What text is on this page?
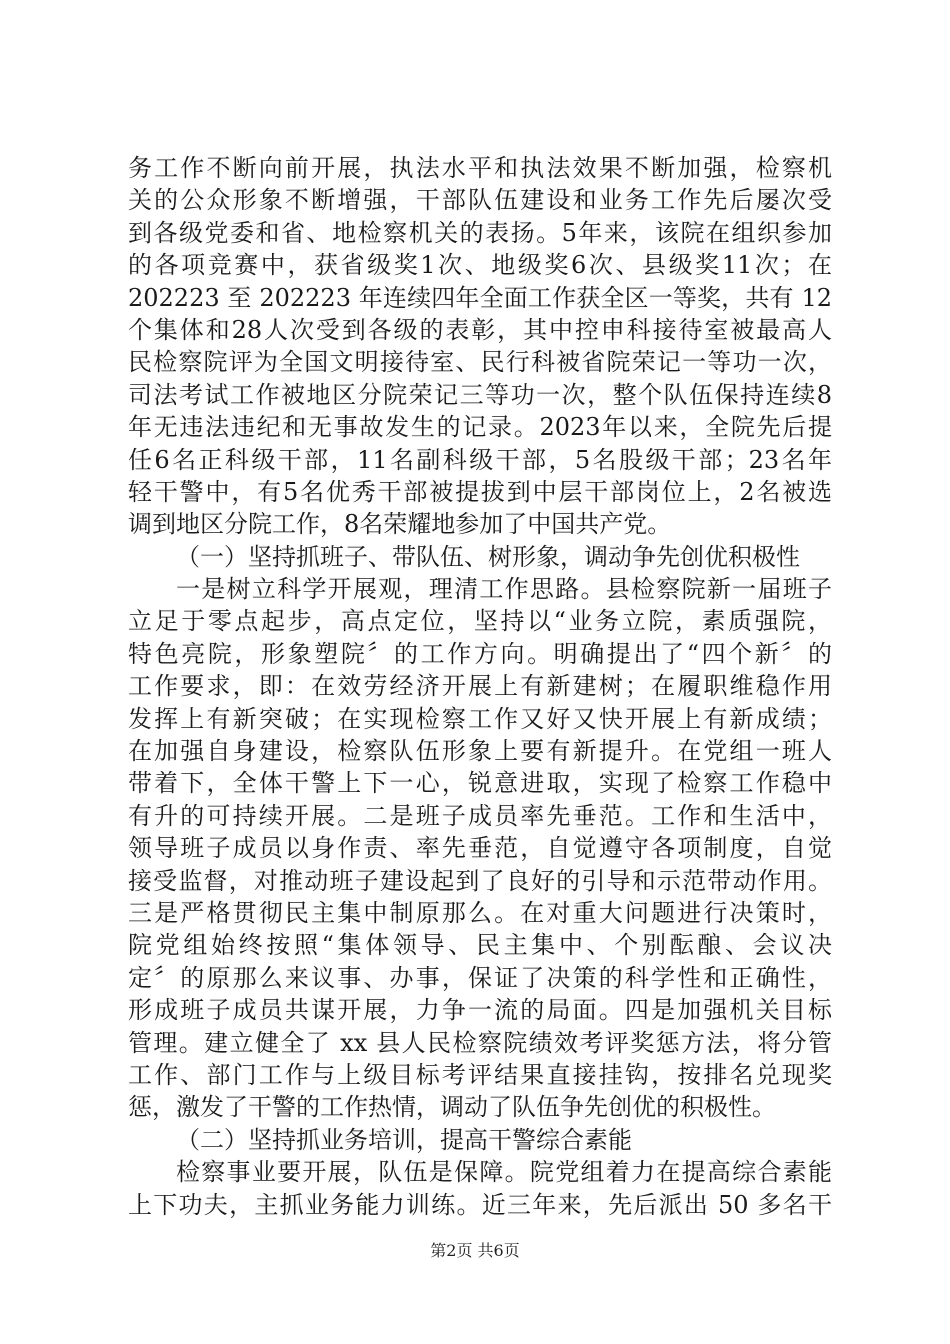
务工作不断向前开展，执法水平和执法效果不断加强，检察机
关的公众形象不断增强，干部队伍建设和业务工作先后屡次受
到各级党委和省、地检察机关的表扬。5年来，该院在组织参加
的各项竞赛中，获省级奖1次、地级奖6次、县级奖11次；在
202223 至 202223 年连续四年全面工作获全区一等奖，共有 12
个集体和28人次受到各级的表彰，其中控申科接待室被最高人
民检察院评为全国文明接待室、民行科被省院荣记一等功一次，
司法考试工作被地区分院荣记三等功一次，整个队伍保持连续8
年无违法违纪和无事故发生的记录。2023年以来，全院先后提
任6名正科级干部，11名副科级干部，5名股级干部；23名年
轻干警中，有5名优秀干部被提拔到中层干部岗位上，2名被选
调到地区分院工作，8名荣耀地参加了中国共产党。
（一）坚持抓班子、带队伍、树形象，调动争先创优积极性
一是树立科学开展观，理清工作思路。县检察院新一届班子
立足于零点起步，高点定位，坚持以“业务立院，素质强院，
特色亮院，形象塑院〞的工作方向。明确提出了“四个新〞的
工作要求，即：在效劳经济开展上有新建树；在履职维稳作用
发挥上有新突破；在实现检察工作又好又快开展上有新成绩；
在加强自身建设，检察队伍形象上要有新提升。在党组一班人
带着下，全体干警上下一心，锐意进取，实现了检察工作稳中
有升的可持续开展。二是班子成员率先垂范。工作和生活中，
领导班子成员以身作责、率先垂范，自觉遵守各项制度，自觉
接受监督，对推动班子建设起到了良好的引导和示范带动作用。
三是严格贯彻民主集中制原那么。在对重大问题进行决策时，
院党组始终按照“集体领导、民主集中、个别酝酿、会议决
定〞的原那么来议事、办事，保证了决策的科学性和正确性，
形成班子成员共谋开展，力争一流的局面。四是加强机关目标
管理。建立健全了 xx 县人民检察院绩效考评奖惩方法，将分管
工作、部门工作与上级目标考评结果直接挂钩，按排名兑现奖
惩，激发了干警的工作热情，调动了队伍争先创优的积极性。
（二）坚持抓业务培训，提高干警综合素能
检察事业要开展，队伍是保障。院党组着力在提高综合素能
上下功夫，主抓业务能力训练。近三年来，先后派出 50 多名干
第2页 共6页
